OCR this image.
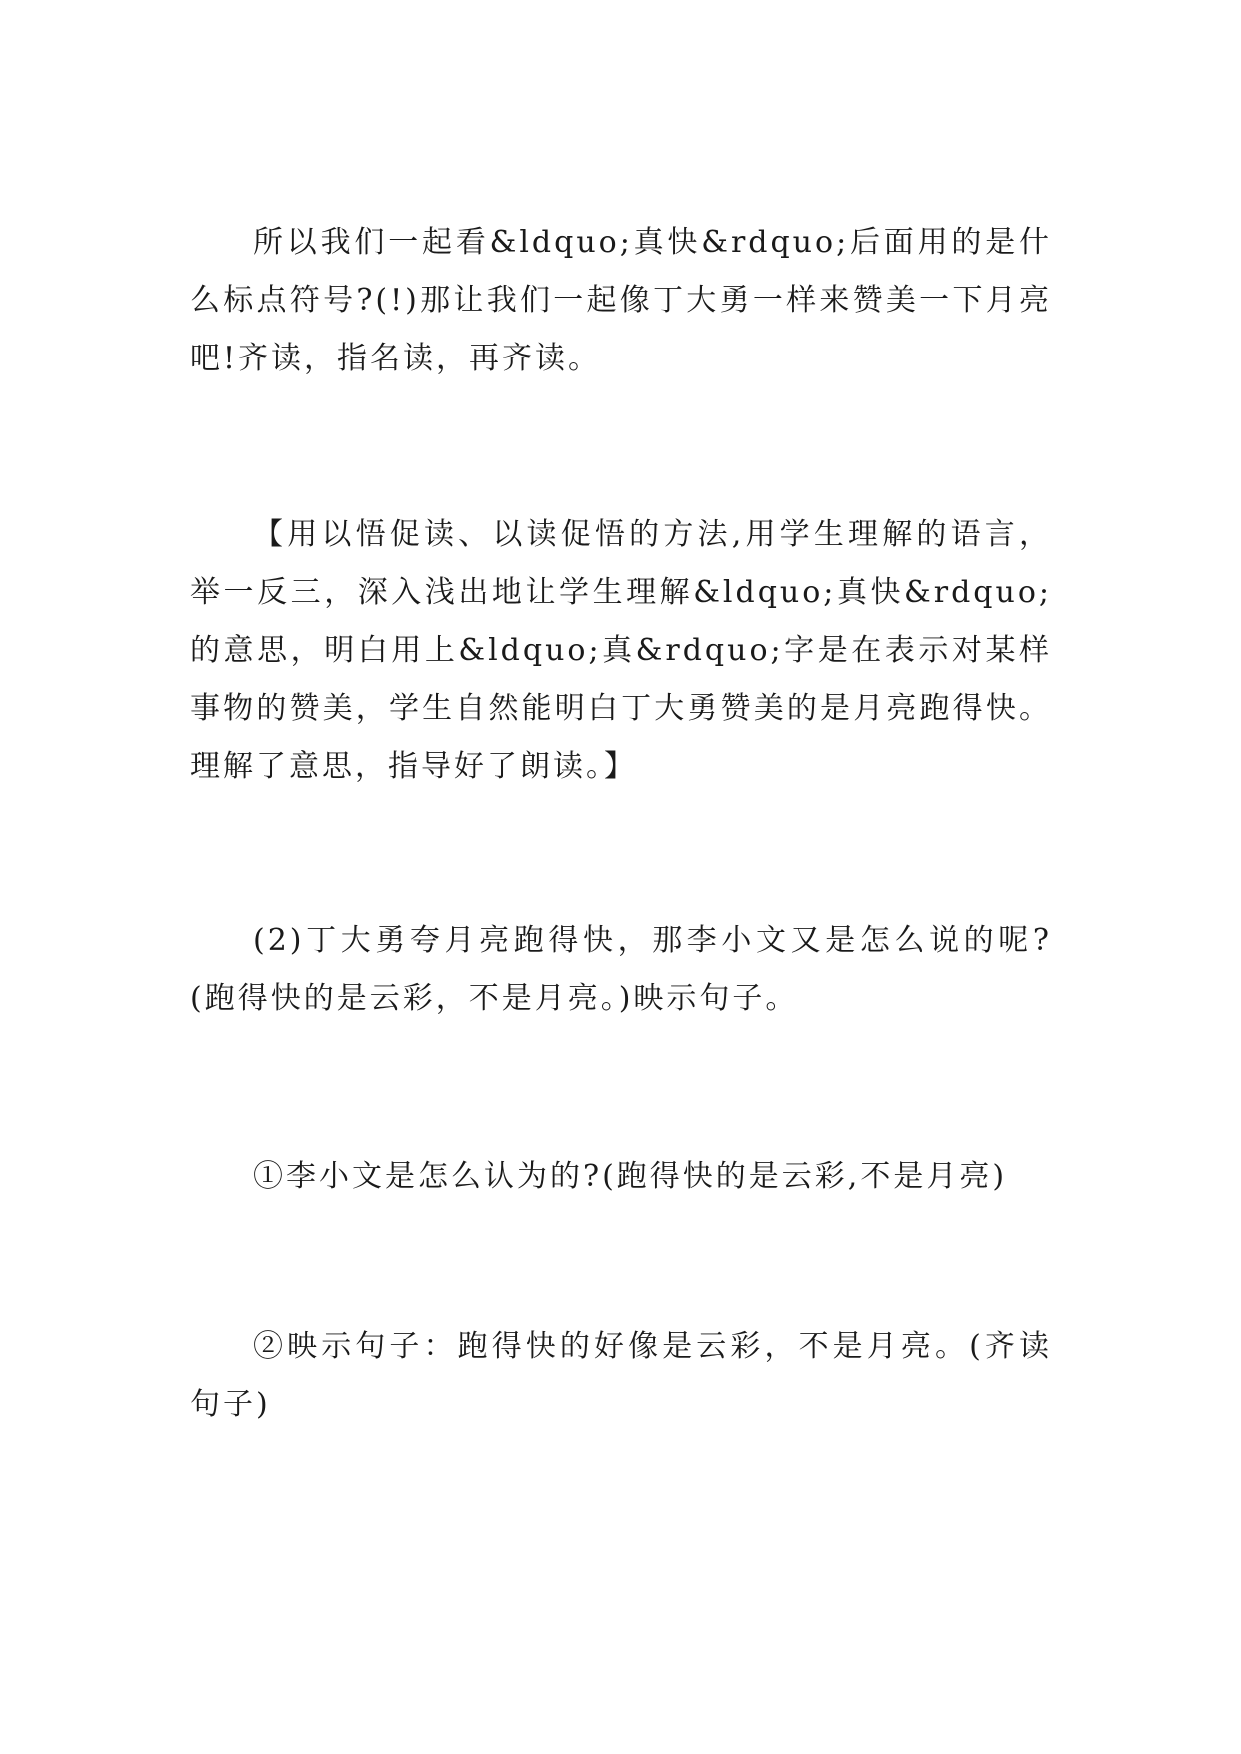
所以我们一起看&ldquo;真快&rdquo;后面用的是什么标点符号?(!)那让我们一起像丁大勇一样来赞美一下月亮吧!齐读，指名读，再齐读。

【用以悟促读、以读促悟的方法,用学生理解的语言，举一反三，深入浅出地让学生理解&ldquo;真快&rdquo;的意思，明白用上&ldquo;真&rdquo;字是在表示对某样事物的赞美，学生自然能明白丁大勇赞美的是月亮跑得快。理解了意思，指导好了朗读。】

(2)丁大勇夸月亮跑得快，那李小文又是怎么说的呢?(跑得快的是云彩，不是月亮。)映示句子。

①李小文是怎么认为的?(跑得快的是云彩,不是月亮)

②映示句子：跑得快的好像是云彩，不是月亮。(齐读句子)
